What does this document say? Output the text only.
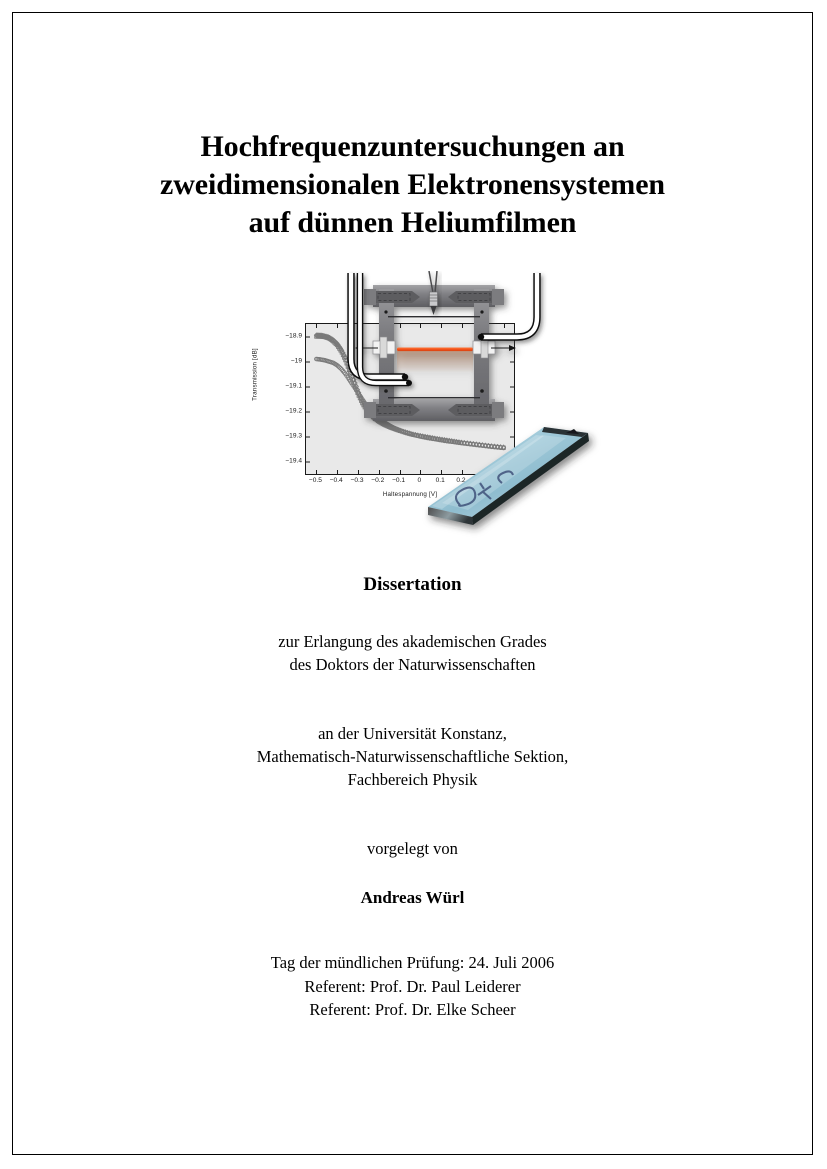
Hochfrequenzuntersuchungen an
zweidimensionalen Elektronensystemen
auf dünnen Heliumfilmen
Transmission [dB]
Haltespannung [V]
−18.9
−19
−19.1
−19.2
−19.3
−19.4
−0.5	−0.4	−0.3	−0.2	−0.1	0	0.1	0.2

Dissertation

zur Erlangung des akademischen Grades

des Doktors der Naturwissenschaften

an der Universität Konstanz,

Mathematisch-Naturwissenschaftliche Sektion,

Fachbereich Physik

vorgelegt von

Andreas Würl

Tag der mündlichen Prüfung: 24. Juli 2006

Referent: Prof. Dr. Paul Leiderer

Referent: Prof. Dr. Elke Scheer
